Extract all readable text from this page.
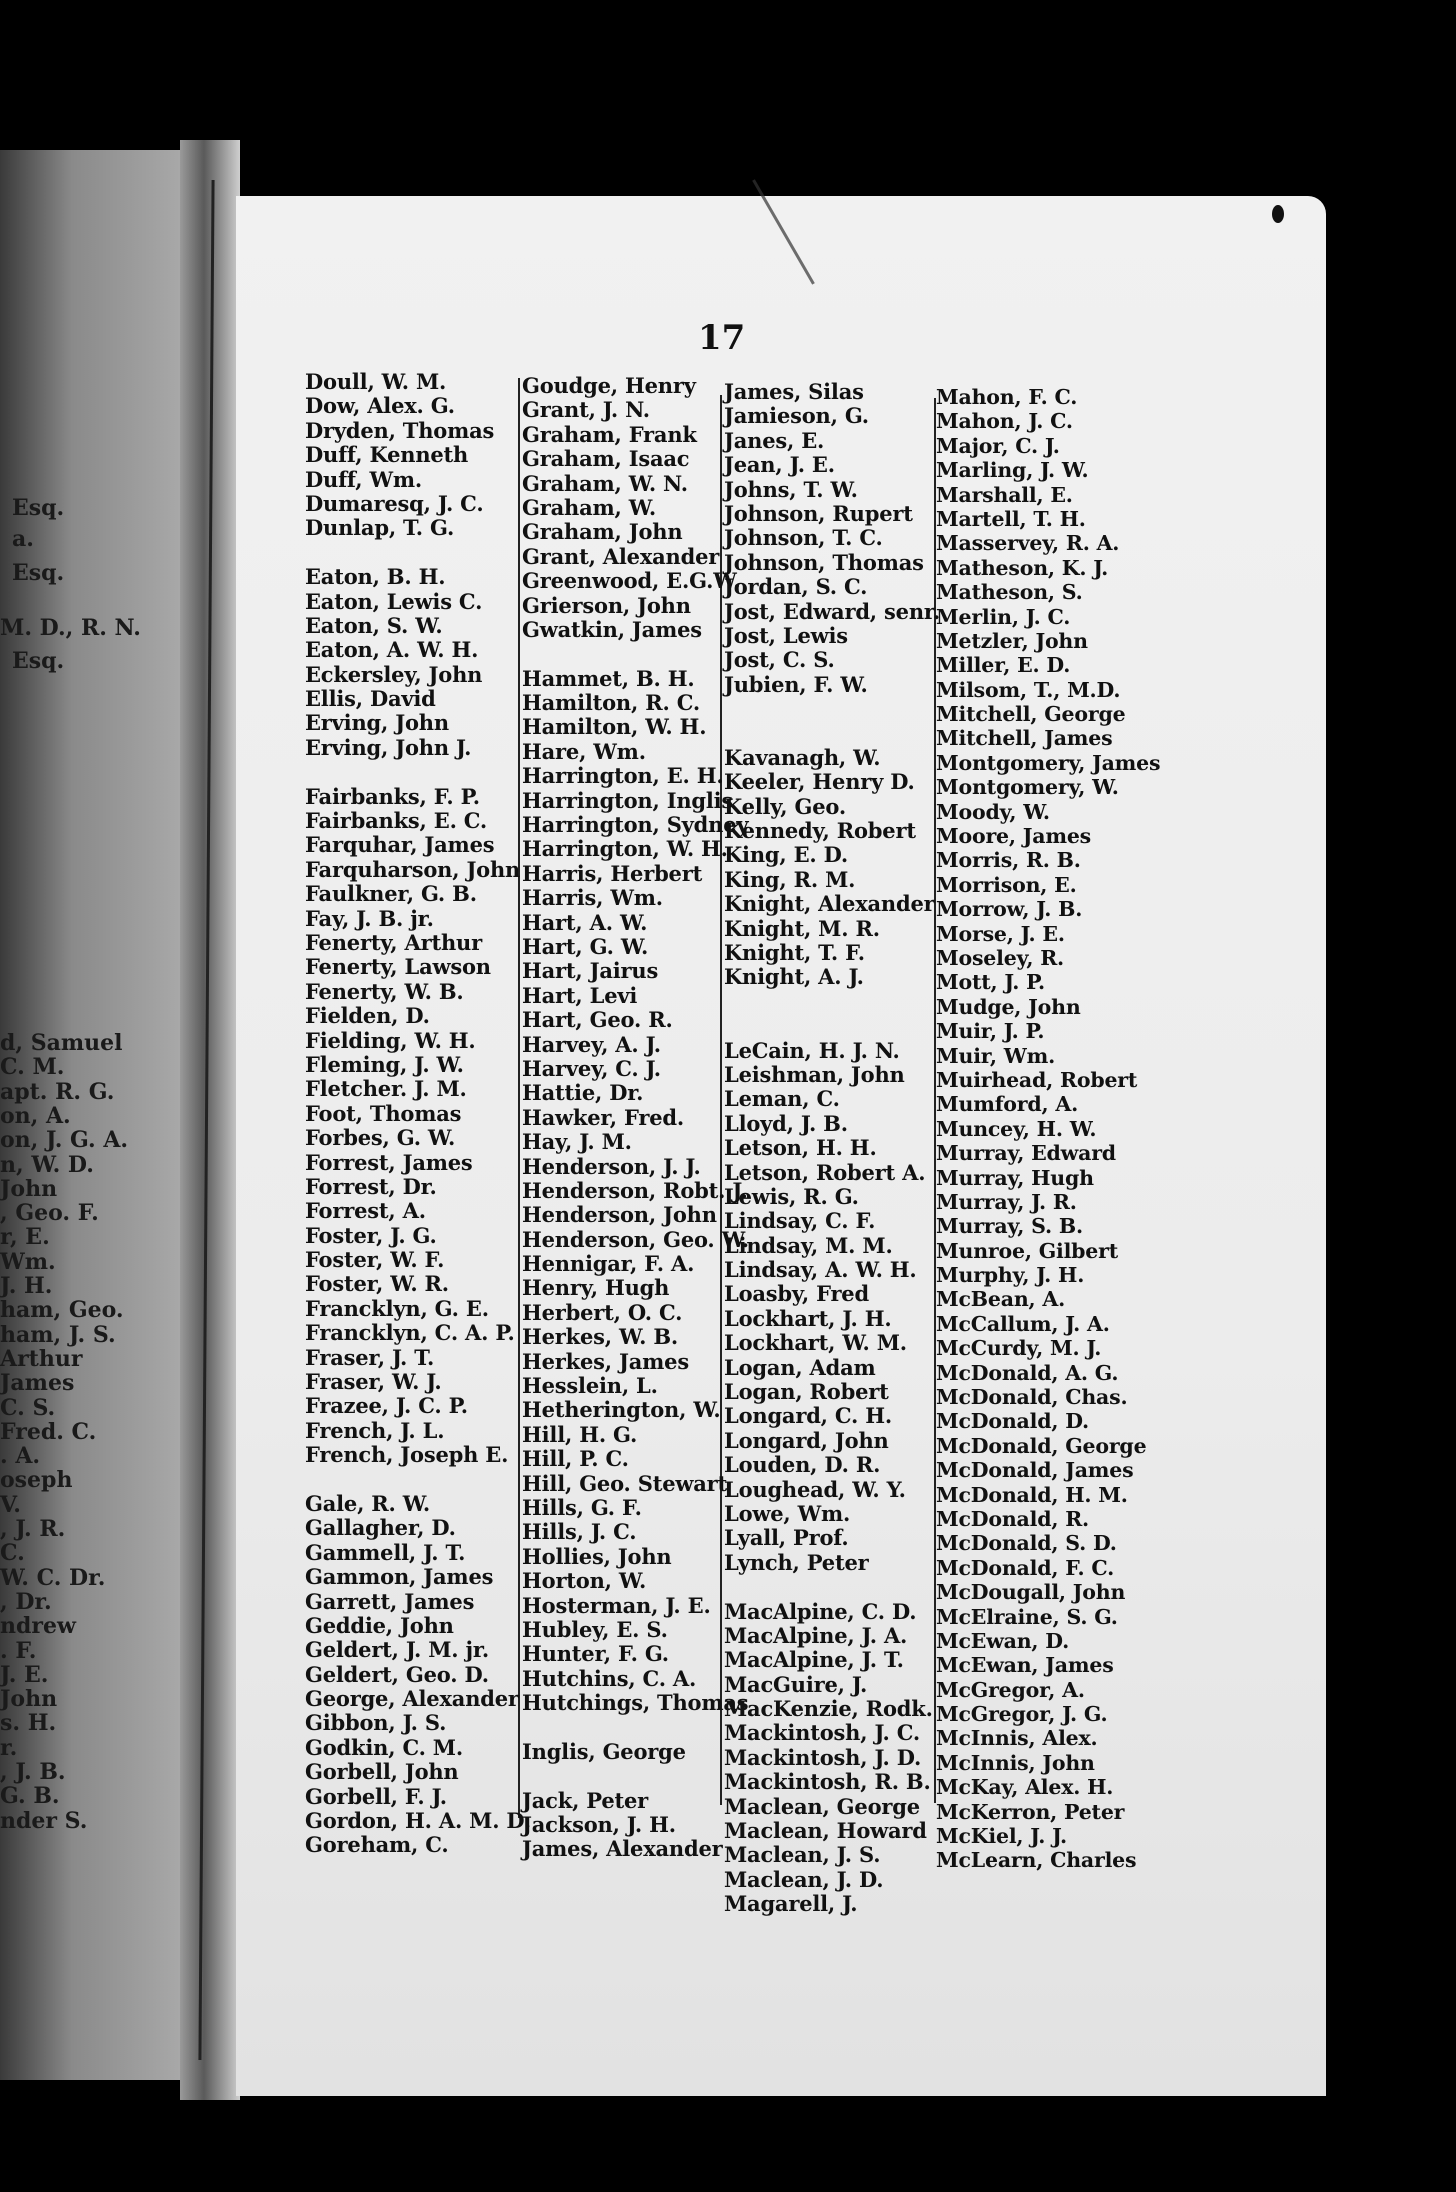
Esq.
a.
Esq.
M. D., R. N.
Esq.
d, Samuel
C. M.
apt. R. G.
on, A.
on, J. G. A.
n, W. D.
John
, Geo. F.
r, E.
Wm.
J. H.
ham, Geo.
ham, J. S.
Arthur
James
C. S.
Fred. C.
. A.
oseph
V.
, J. R.
C.
W. C. Dr.
, Dr.
ndrew
. F.
J. E.
John
s. H.
r.
, J. B.
G. B.
nder S.
17
Doull, W. M.
Dow, Alex. G.
Dryden, Thomas
Duff, Kenneth
Duff, Wm.
Dumaresq, J. C.
Dunlap, T. G.
Eaton, B. H.
Eaton, Lewis C.
Eaton, S. W.
Eaton, A. W. H.
Eckersley, John
Ellis, David
Erving, John
Erving, John J.
Fairbanks, F. P.
Fairbanks, E. C.
Farquhar, James
Farquharson, John
Faulkner, G. B.
Fay, J. B. jr.
Fenerty, Arthur
Fenerty, Lawson
Fenerty, W. B.
Fielden, D.
Fielding, W. H.
Fleming, J. W.
Fletcher. J. M.
Foot, Thomas
Forbes, G. W.
Forrest, James
Forrest, Dr.
Forrest, A.
Foster, J. G.
Foster, W. F.
Foster, W. R.
Francklyn, G. E.
Francklyn, C. A. P.
Fraser, J. T.
Fraser, W. J.
Frazee, J. C. P.
French, J. L.
French, Joseph E.
Gale, R. W.
Gallagher, D.
Gammell, J. T.
Gammon, James
Garrett, James
Geddie, John
Geldert, J. M. jr.
Geldert, Geo. D.
George, Alexander
Gibbon, J. S.
Godkin, C. M.
Gorbell, John
Gorbell, F. J.
Gordon, H. A. M. D.
Goreham, C.
Goudge, Henry
Grant, J. N.
Graham, Frank
Graham, Isaac
Graham, W. N.
Graham, W.
Graham, John
Grant, Alexander
Greenwood, E.G.W.
Grierson, John
Gwatkin, James
Hammet, B. H.
Hamilton, R. C.
Hamilton, W. H.
Hare, Wm.
Harrington, E. H.
Harrington, Inglis
Harrington, Sydney
Harrington, W. H.
Harris, Herbert
Harris, Wm.
Hart, A. W.
Hart, G. W.
Hart, Jairus
Hart, Levi
Hart, Geo. R.
Harvey, A. J.
Harvey, C. J.
Hattie, Dr.
Hawker, Fred.
Hay, J. M.
Henderson, J. J.
Henderson, Robt. J.
Henderson, John
Henderson, Geo. W.
Hennigar, F. A.
Henry, Hugh
Herbert, O. C.
Herkes, W. B.
Herkes, James
Hesslein, L.
Hetherington, W.
Hill, H. G.
Hill, P. C.
Hill, Geo. Stewart
Hills, G. F.
Hills, J. C.
Hollies, John
Horton, W.
Hosterman, J. E.
Hubley, E. S.
Hunter, F. G.
Hutchins, C. A.
Hutchings, Thomas
Inglis, George
Jack, Peter
Jackson, J. H.
James, Alexander
James, Silas
Jamieson, G.
Janes, E.
Jean, J. E.
Johns, T. W.
Johnson, Rupert
Johnson, T. C.
Johnson, Thomas
Jordan, S. C.
Jost, Edward, senr.
Jost, Lewis
Jost, C. S.
Jubien, F. W.
Kavanagh, W.
Keeler, Henry D.
Kelly, Geo.
Kennedy, Robert
King, E. D.
King, R. M.
Knight, Alexander
Knight, M. R.
Knight, T. F.
Knight, A. J.
LeCain, H. J. N.
Leishman, John
Leman, C.
Lloyd, J. B.
Letson, H. H.
Letson, Robert A.
Lewis, R. G.
Lindsay, C. F.
Lindsay, M. M.
Lindsay, A. W. H.
Loasby, Fred
Lockhart, J. H.
Lockhart, W. M.
Logan, Adam
Logan, Robert
Longard, C. H.
Longard, John
Louden, D. R.
Loughead, W. Y.
Lowe, Wm.
Lyall, Prof.
Lynch, Peter
MacAlpine, C. D.
MacAlpine, J. A.
MacAlpine, J. T.
MacGuire, J.
MacKenzie, Rodk.
Mackintosh, J. C.
Mackintosh, J. D.
Mackintosh, R. B.
Maclean, George
Maclean, Howard
Maclean, J. S.
Maclean, J. D.
Magarell, J.
Mahon, F. C.
Mahon, J. C.
Major, C. J.
Marling, J. W.
Marshall, E.
Martell, T. H.
Masservey, R. A.
Matheson, K. J.
Matheson, S.
Merlin, J. C.
Metzler, John
Miller, E. D.
Milsom, T., M.D.
Mitchell, George
Mitchell, James
Montgomery, James
Montgomery, W.
Moody, W.
Moore, James
Morris, R. B.
Morrison, E.
Morrow, J. B.
Morse, J. E.
Moseley, R.
Mott, J. P.
Mudge, John
Muir, J. P.
Muir, Wm.
Muirhead, Robert
Mumford, A.
Muncey, H. W.
Murray, Edward
Murray, Hugh
Murray, J. R.
Murray, S. B.
Munroe, Gilbert
Murphy, J. H.
McBean, A.
McCallum, J. A.
McCurdy, M. J.
McDonald, A. G.
McDonald, Chas.
McDonald, D.
McDonald, George
McDonald, James
McDonald, H. M.
McDonald, R.
McDonald, S. D.
McDonald, F. C.
McDougall, John
McElraine, S. G.
McEwan, D.
McEwan, James
McGregor, A.
McGregor, J. G.
McInnis, Alex.
McInnis, John
McKay, Alex. H.
McKerron, Peter
McKiel, J. J.
McLearn, Charles
